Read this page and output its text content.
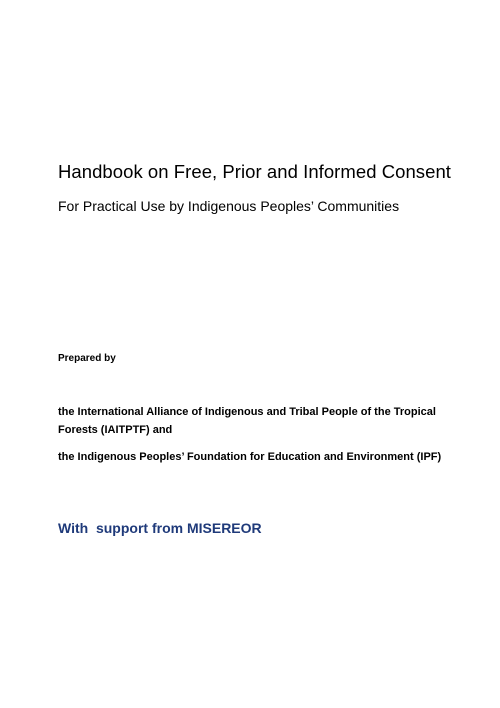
Handbook on Free, Prior and Informed Consent

For Practical Use by Indigenous Peoples’ Communities

Prepared by

the International Alliance of Indigenous and Tribal People of the Tropical Forests (IAITPTF) and

the Indigenous Peoples’ Foundation for Education and Environment (IPF)

With  support from MISEREOR
